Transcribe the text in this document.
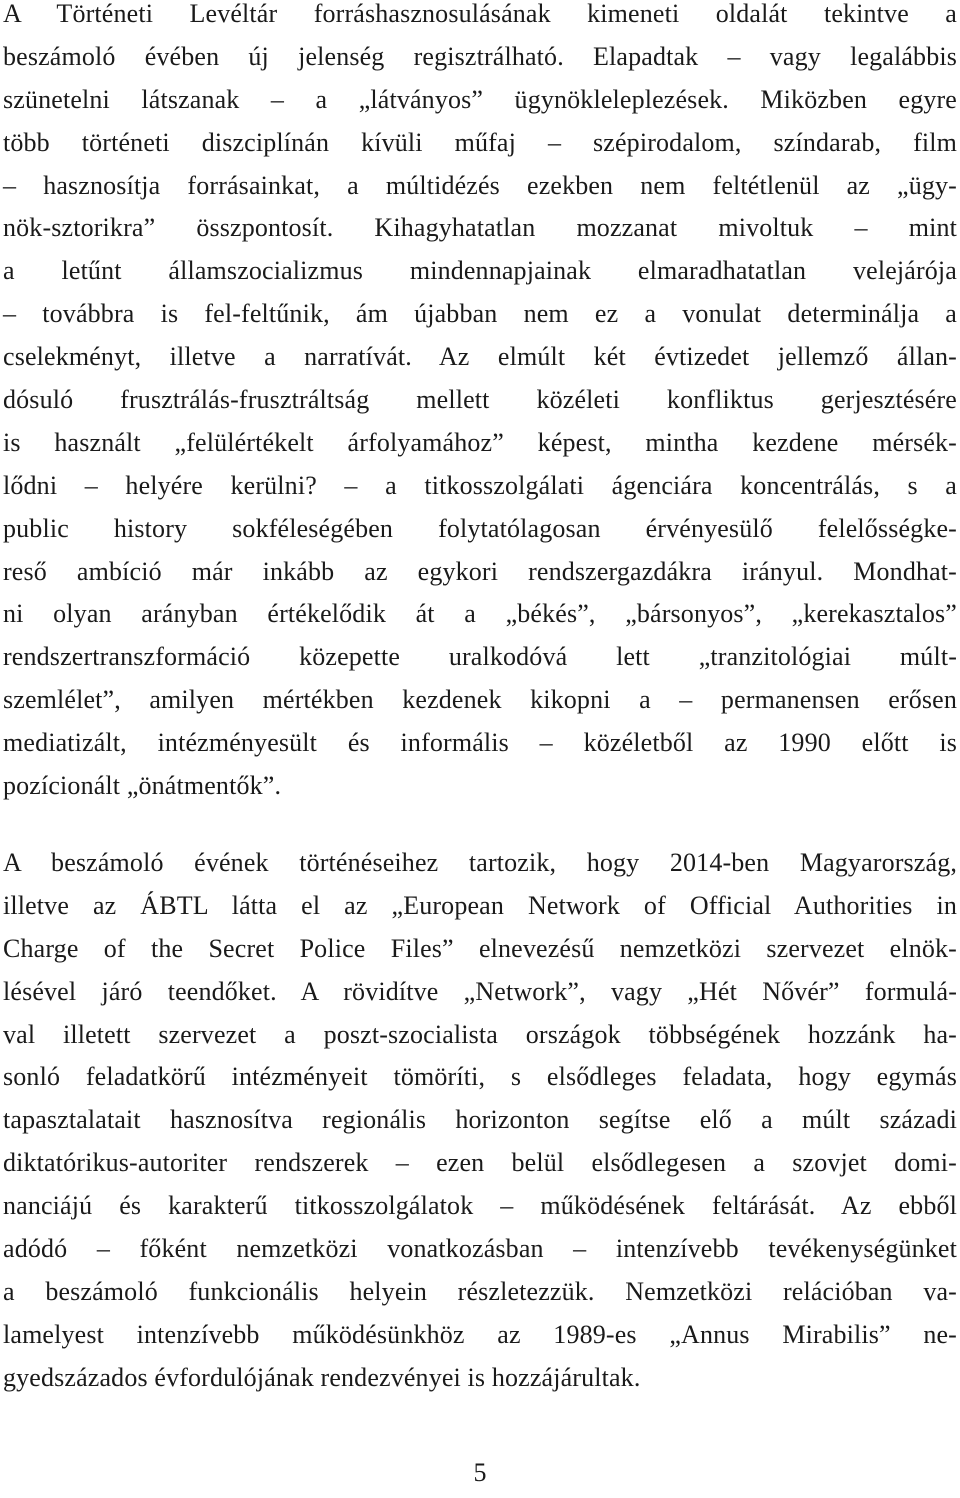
A Történeti Levéltár forráshasznosulásának kimeneti oldalát tekintve a
beszámoló évében új jelenség regisztrálható. Elapadtak – vagy legalábbis
szünetelni látszanak – a „látványos” ügynökleleplezések. Miközben egyre
több történeti diszciplínán kívüli műfaj – szépirodalom, színdarab, film
– hasznosítja forrásainkat, a múltidézés ezekben nem feltétlenül az „ügy-
nök-sztorikra” összpontosít. Kihagyhatatlan mozzanat mivoltuk – mint
a letűnt államszocializmus mindennapjainak elmaradhatatlan velejárója
– továbbra is fel-feltűnik, ám újabban nem ez a vonulat determinálja a
cselekményt, illetve a narratívát. Az elmúlt két évtizedet jellemző állan-
dósuló frusztrálás-frusztráltság mellett közéleti konfliktus gerjesztésére
is használt „felülértékelt árfolyamához” képest, mintha kezdene mérsék-
lődni – helyére kerülni? – a titkosszolgálati ágenciára koncentrálás, s a
public history sokféleségében folytatólagosan érvényesülő felelősségke-
reső ambíció már inkább az egykori rendszergazdákra irányul. Mondhat-
ni olyan arányban értékelődik át a „békés”, „bársonyos”, „kerekasztalos”
rendszertranszformáció közepette uralkodóvá lett „tranzitológiai múlt-
szemlélet”, amilyen mértékben kezdenek kikopni a – permanensen erősen
mediatizált, intézményesült és informális – közéletből az 1990 előtt is
pozícionált „önátmentők”.
A beszámoló évének történéseihez tartozik, hogy 2014-ben Magyarország,
illetve az ÁBTL látta el az „European Network of Official Authorities in
Charge of the Secret Police Files” elnevezésű nemzetközi szervezet elnök-
lésével járó teendőket. A rövidítve „Network”, vagy „Hét Nővér” formulá-
val illetett szervezet a poszt-szocialista országok többségének hozzánk ha-
sonló feladatkörű intézményeit tömöríti, s elsődleges feladata, hogy egymás
tapasztalatait hasznosítva regionális horizonton segítse elő a múlt századi
diktatórikus-autoriter rendszerek – ezen belül elsődlegesen a szovjet domi-
nanciájú és karakterű titkosszolgálatok – működésének feltárását. Az ebből
adódó – főként nemzetközi vonatkozásban – intenzívebb tevékenységünket
a beszámoló funkcionális helyein részletezzük. Nemzetközi relációban va-
lamelyest intenzívebb működésünkhöz az 1989-es „Annus Mirabilis” ne-
gyedszázados évfordulójának rendezvényei is hozzájárultak.
5
